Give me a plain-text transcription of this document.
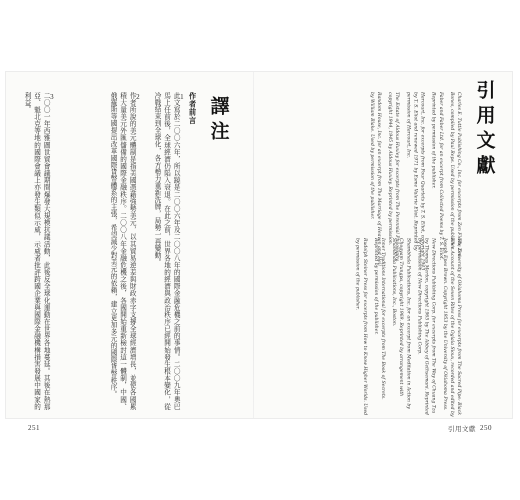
譯注
作者前言
1
此文寫於二〇〇六年，所以蹺是二〇〇六年及二〇〇八年的國際金融危機之前的事情。二〇〇九年奧巴馬上任前後，全球經濟仍陷入衰退。在此之前，世界各地的經濟與政治秩序已經開始發生根本變化，從冷戰結束到全球化，各方勢力重新洗牌，局勢一再變動。
2
作者所說的美元體制是指美國憑藉強勢美元，以其貿易逆差與財政赤字支撐全球經濟增長，並使各國累積大量美元外匯儲備的國際金融秩序。二〇〇八年金融危機之後，各國開始重新檢討這一體制，中國、俄羅斯等國提出改革國際貨幣體系的主張，希望減少對美元的依賴，建立更加多元的國際貨幣秩序。
3
二〇〇一年西雅圖世貿會議期間爆發大規模抗議活動，此後反全球化運動在世界各地蔓延。其後在熱那亞、魁北克等地的國際會議上亦發生類似示威，示威者批評跨國企業與國際金融機構損害發展中國家的利益。
251
引用文獻

Charles E. Tuttle Publishing Co., Inc. for excerpts from Zen Flesh, Zen Bones, compiled by Paul Reps. Used by permission of the publisher.

Faber and Faber Ltd. for an excerpt from Collected Poems by T. S. Eliot. Reprinted by permission of the publisher.

Harcourt, Inc. for excerpts from Four Quartets by T. S. Eliot, copyright 1943 by T. S. Eliot and renewed 1971 by Esme Valerie Eliot. Reprinted by permission of Harcourt, Inc.

The Estate of Aldous Huxley for excerpts from The Perennial Philosophy, copyright 1944, 1945 by Aldous Huxley. Reprinted by permission.

Random House, Inc. for an excerpt from The Marriage of Heaven and Hell by William Blake. Used by permission of the publisher.

The University of Oklahoma Press for excerpts from The Sacred Pipe: Black Elk's Account of the Seven Rites of the Oglala Sioux, recorded and edited by Joseph Epes Brown. Copyright 1953 by the University of Oklahoma Press.

New Directions Publishing Corp. for excerpts from The Way of Chuang Tzu by Thomas Merton, copyright 1965 by The Abbey of Gethsemani. Reprinted by permission of New Directions Publishing Corp.

Shambhala Publications, Inc. for an excerpt from Meditation in Action by Chogyam Trungpa, copyright 1969. Reprinted by arrangement with Shambhala Publications, Inc., Boston.

Inner Traditions International for excerpts from The Book of Secrets. Reprinted by permission of the publisher.

Rudolph Steiner Press for excerpts from How to Know Higher Worlds. Used by permission of the publisher.

引用文獻 250
